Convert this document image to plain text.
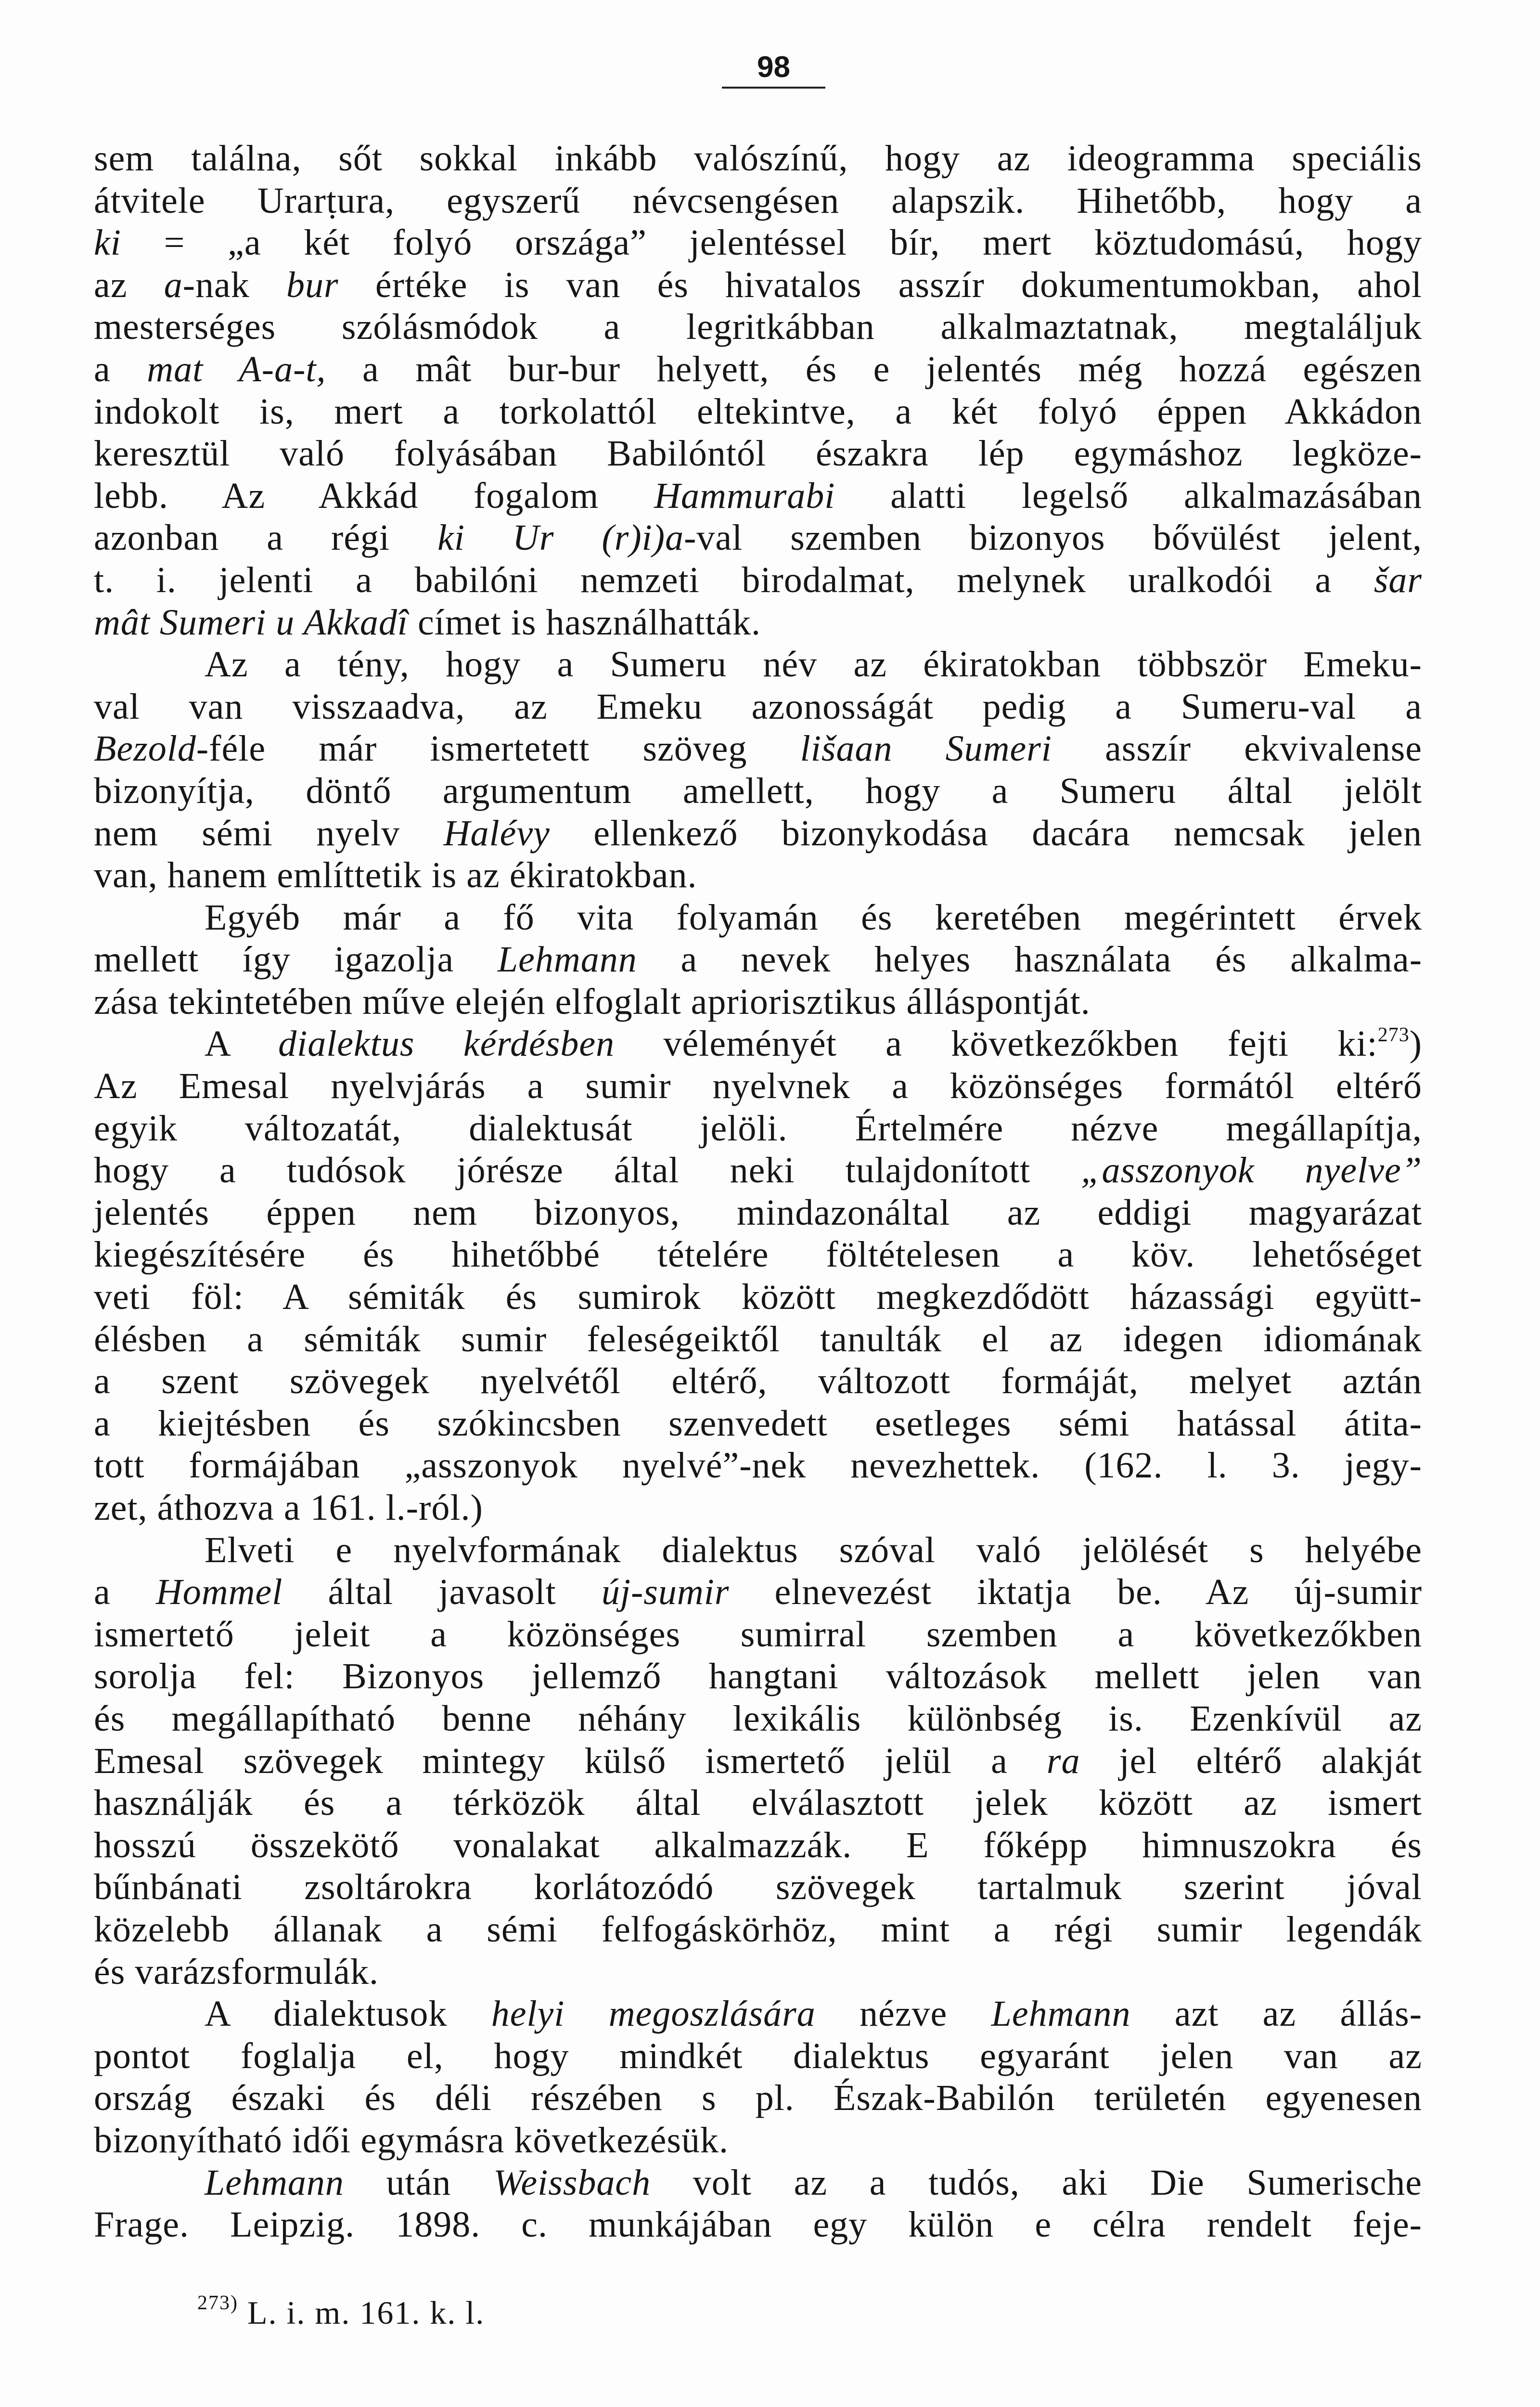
98
sem találna, sőt sokkal inkább valószínű, hogy az ideogramma speciális
átvitele Urarṭura, egyszerű névcsengésen alapszik. Hihetőbb, hogy a
ki = „a két folyó országa” jelentéssel bír, mert köztudomású, hogy
az a-nak bur értéke is van és hivatalos asszír dokumentumokban, ahol
mesterséges szólásmódok a legritkábban alkalmaztatnak, megtaláljuk
a mat A-a-t, a mât bur-bur helyett, és e jelentés még hozzá egészen
indokolt is, mert a torkolattól eltekintve, a két folyó éppen Akkádon
keresztül való folyásában Babilóntól északra lép egymáshoz legköze-
lebb. Az Akkád fogalom Hammurabi alatti legelső alkalmazásában
azonban a régi ki Ur (r)i)a-val szemben bizonyos bővülést jelent,
t. i. jelenti a babilóni nemzeti birodalmat, melynek uralkodói a šar
mât Sumeri u Akkadî címet is használhatták.
Az a tény, hogy a Sumeru név az ékiratokban többször Emeku-
val van visszaadva, az Emeku azonosságát pedig a Sumeru-val a
Bezold-féle már ismertetett szöveg lišaan Sumeri asszír ekvivalense
bizonyítja, döntő argumentum amellett, hogy a Sumeru által jelölt
nem sémi nyelv Halévy ellenkező bizonykodása dacára nemcsak jelen
van, hanem említtetik is az ékiratokban.
Egyéb már a fő vita folyamán és keretében megérintett érvek
mellett így igazolja Lehmann a nevek helyes használata és alkalma-
zása tekintetében műve elején elfoglalt apriorisztikus álláspontját.
A dialektus kérdésben véleményét a következőkben fejti ki:$^{273}$)
Az Emesal nyelvjárás a sumir nyelvnek a közönséges formától eltérő
egyik változatát, dialektusát jelöli. Értelmére nézve megállapítja,
hogy a tudósok jórésze által neki tulajdonított „asszonyok nyelve”
jelentés éppen nem bizonyos, mindazonáltal az eddigi magyarázat
kiegészítésére és hihetőbbé tételére föltételesen a köv. lehetőséget
veti föl: A sémiták és sumirok között megkezdődött házassági együtt-
élésben a sémiták sumir feleségeiktől tanulták el az idegen idiomának
a szent szövegek nyelvétől eltérő, változott formáját, melyet aztán
a kiejtésben és szókincsben szenvedett esetleges sémi hatással átita-
tott formájában „asszonyok nyelvé”-nek nevezhettek. (162. l. 3. jegy-
zet, áthozva a 161. l.-ról.)
Elveti e nyelvformának dialektus szóval való jelölését s helyébe
a Hommel által javasolt új-sumir elnevezést iktatja be. Az új-sumir
ismertető jeleit a közönséges sumirral szemben a következőkben
sorolja fel: Bizonyos jellemző hangtani változások mellett jelen van
és megállapítható benne néhány lexikális különbség is. Ezenkívül az
Emesal szövegek mintegy külső ismertető jelül a ra jel eltérő alakját
használják és a térközök által elválasztott jelek között az ismert
hosszú összekötő vonalakat alkalmazzák. E főképp himnuszokra és
bűnbánati zsoltárokra korlátozódó szövegek tartalmuk szerint jóval
közelebb állanak a sémi felfogáskörhöz, mint a régi sumir legendák
és varázsformulák.
A dialektusok helyi megoszlására nézve Lehmann azt az állás-
pontot foglalja el, hogy mindkét dialektus egyaránt jelen van az
ország északi és déli részében s pl. Észak-Babilón területén egyenesen
bizonyítható idői egymásra következésük.
Lehmann után Weissbach volt az a tudós, aki Die Sumerische
Frage. Leipzig. 1898. c. munkájában egy külön e célra rendelt feje-
$^{273)}$ L. i. m. 161. k. l.
